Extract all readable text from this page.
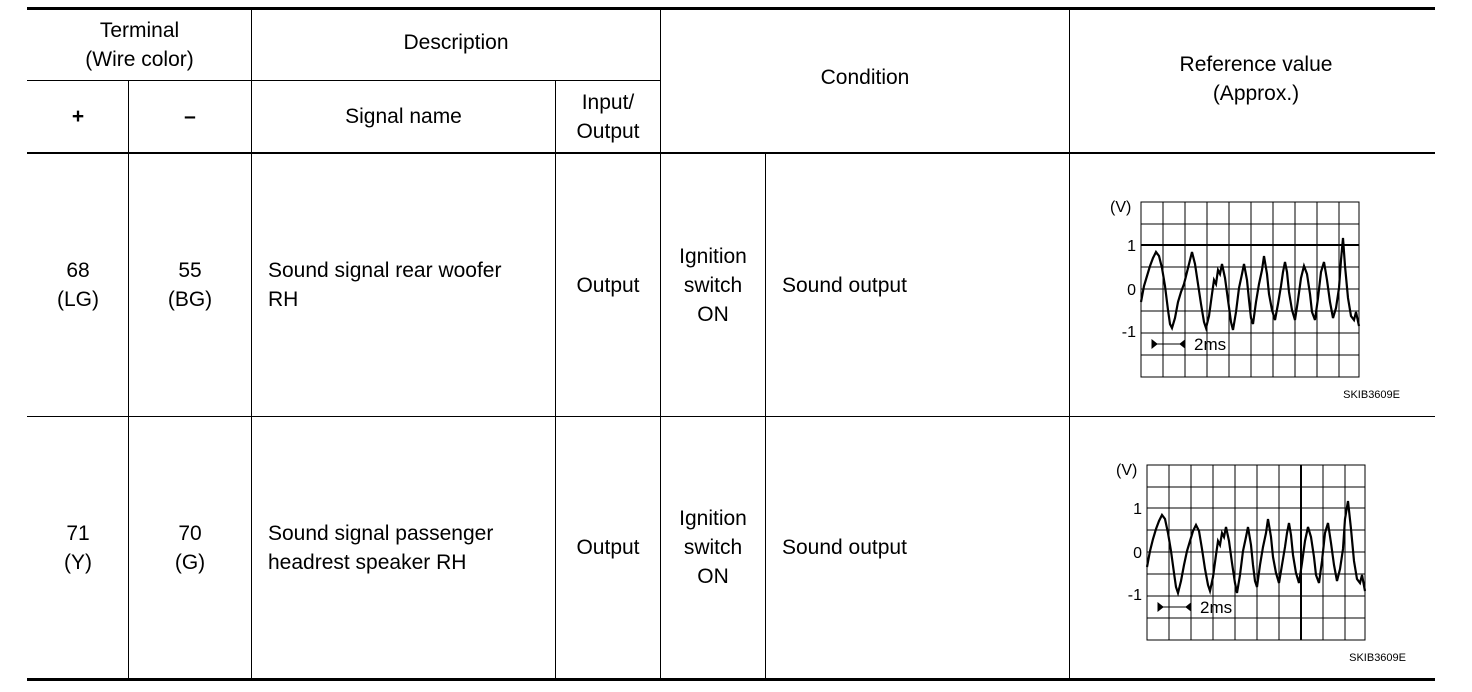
Terminal
(Wire color)
Description
Condition
Reference value
(Approx.)
+	–	Signal name
Input/
Output
68
(LG)
55
(BG)
Sound signal rear woofer
RH
Output
Ignition
switch
ON
Sound output
(V)
1
0
-1
2ms
SKIB3609E
71
(Y)
70
(G)
Sound signal passenger
headrest speaker RH
Output
Ignition
switch
ON
Sound output
(V)
1
0
-1
2ms
SKIB3609E
